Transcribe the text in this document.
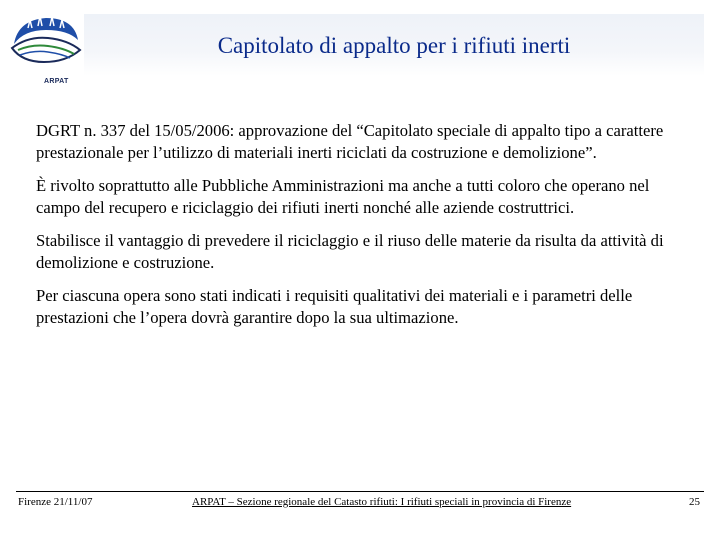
ARPAT
Capitolato di appalto per i rifiuti inerti

DGRT n. 337 del 15/05/2006: approvazione del “Capitolato speciale di appalto tipo a carattere prestazionale per l’utilizzo di materiali inerti riciclati da costruzione e demolizione”.

È rivolto soprattutto alle Pubbliche Amministrazioni ma anche a tutti coloro che operano nel campo del recupero e riciclaggio dei rifiuti inerti nonché alle aziende costruttrici.

Stabilisce il vantaggio di prevedere il riciclaggio e il riuso delle materie da risulta da attività di demolizione e costruzione.

Per ciascuna opera sono stati indicati i requisiti qualitativi dei materiali e i parametri delle prestazioni che l’opera dovrà garantire dopo la sua ultimazione.

Firenze 21/11/07	ARPAT – Sezione regionale del Catasto rifiuti: I rifiuti speciali in provincia di Firenze	25
